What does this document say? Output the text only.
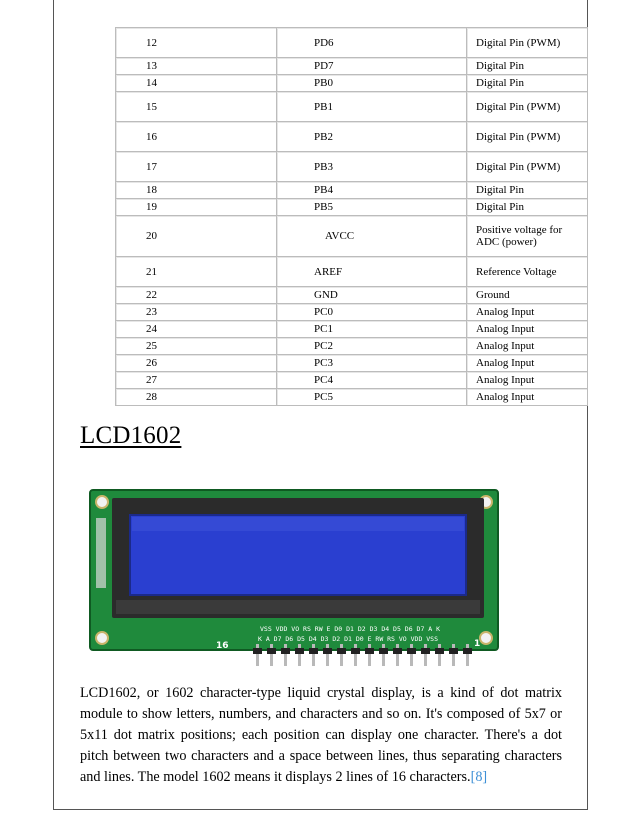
12	PD6	Digital Pin (PWM)
13	PD7	Digital Pin
14	PB0	Digital Pin
15	PB1	Digital Pin (PWM)
16	PB2	Digital Pin (PWM)
17	PB3	Digital Pin (PWM)
18	PB4	Digital Pin
19	PB5	Digital Pin
20	AVCC	Positive voltage for ADC (power)
21	AREF	Reference Voltage
22	GND	Ground
23	PC0	Analog Input
24	PC1	Analog Input
25	PC2	Analog Input
26	PC3	Analog Input
27	PC4	Analog Input
28	PC5	Analog Input
LCD1602
VSS VDD VO RS RW E D0 D1 D2 D3 D4 D5 D6 D7 A K
K A D7 D6 D5 D4 D3 D2 D1 D0 E RW RS VO VDD VSS
16	1
LCD1602, or 1602 character-type liquid crystal display, is a kind of dot matrix module to show letters, numbers, and characters and so on. It's composed of 5x7 or 5x11 dot matrix positions; each position can display one character. There's a dot pitch between two characters and a space between lines, thus separating characters and lines. The model 1602 means it displays 2 lines of 16 characters.[8]
